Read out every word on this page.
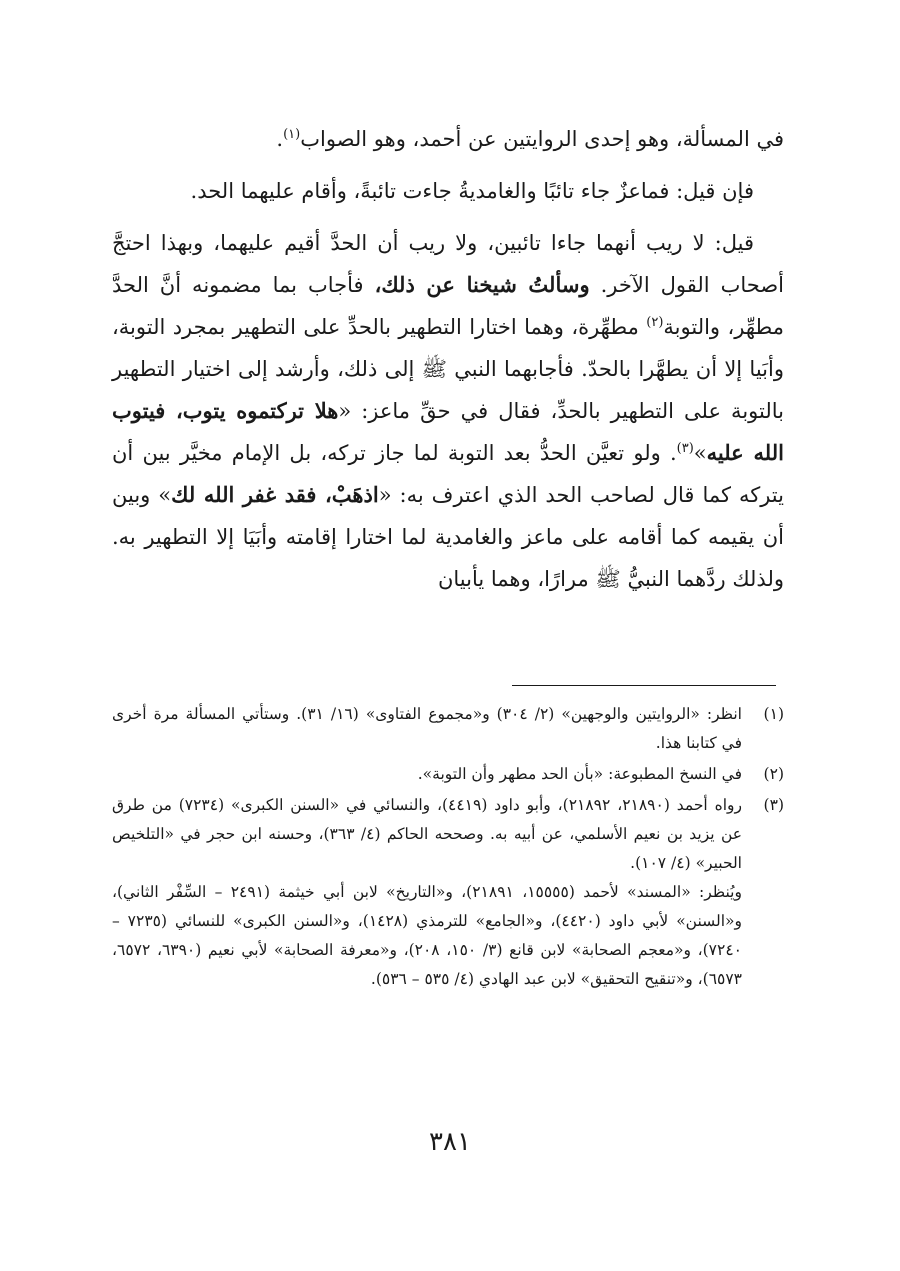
في المسألة، وهو إحدى الروايتين عن أحمد، وهو الصواب$^{(١)}$.

فإن قيل: فماعزٌ جاء تائبًا والغامديةُ جاءت تائبةً، وأقام عليهما الحد.

قيل: لا ريب أنهما جاءا تائبين، ولا ريب أن الحدَّ أقيم عليهما، وبهذا احتجَّ أصحاب القول الآخر. وسألتُ شيخنا عن ذلك، فأجاب بما مضمونه أنَّ الحدَّ مطهِّر، والتوبة$^{(٢)}$ مطهِّرة، وهما اختارا التطهير بالحدِّ على التطهير بمجرد التوبة، وأبَيا إلا أن يطهَّرا بالحدّ. فأجابهما النبي ﷺ إلى ذلك، وأرشد إلى اختيار التطهير بالتوبة على التطهير بالحدِّ، فقال في حقِّ ماعز: «هلا تركتموه يتوب، فيتوب الله عليه»$^{(٣)}$. ولو تعيَّن الحدُّ بعد التوبة لما جاز تركه، بل الإمام مخيَّر بين أن يتركه كما قال لصاحب الحد الذي اعترف به: «اذهَبْ، فقد غفر الله لك» وبين أن يقيمه كما أقامه على ماعز والغامدية لما اختارا إقامته وأبَيَا إلا التطهير به. ولذلك ردَّهما النبيُّ ﷺ مرارًا، وهما يأبيان

(١)

انظر: «الروايتين والوجهين» (٢/ ٣٠٤) و«مجموع الفتاوى» (١٦/ ٣١). وستأتي المسألة مرة أخرى في كتابنا هذا.

(٢)

في النسخ المطبوعة: «بأن الحد مطهر وأن التوبة».

(٣)

رواه أحمد (٢١٨٩٠، ٢١٨٩٢)، وأبو داود (٤٤١٩)، والنسائي في «السنن الكبرى» (٧٢٣٤) من طرق عن يزيد بن نعيم الأسلمي، عن أبيه به. وصححه الحاكم (٤/ ٣٦٣)، وحسنه ابن حجر في «التلخيص الحبير» (٤/ ١٠٧).

ويُنظر: «المسند» لأحمد (١٥٥٥٥، ٢١٨٩١)، و«التاريخ» لابن أبي خيثمة (٢٤٩١ – السِّفْر الثاني)، و«السنن» لأبي داود (٤٤٢٠)، و«الجامع» للترمذي (١٤٢٨)، و«السنن الكبرى» للنسائي (٧٢٣٥ – ٧٢٤٠)، و«معجم الصحابة» لابن قانع (٣/ ١٥٠، ٢٠٨)، و«معرفة الصحابة» لأبي نعيم (٦٣٩٠، ٦٥٧٢، ٦٥٧٣)، و«تنقيح التحقيق» لابن عبد الهادي (٤/ ٥٣٥ – ٥٣٦).

٣٨١
